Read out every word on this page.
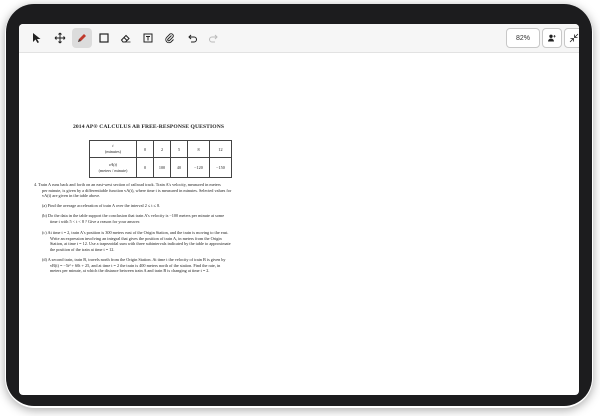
82%
2014 AP® CALCULUS AB FREE-RESPONSE QUESTIONS
t
(minutes)	0	2	5	8	12

vA(t)
(meters / minute)	0	100	40	−120	−150
4. Train A runs back and forth on an east-west section of railroad track. Train A's velocity, measured in meters
per minute, is given by a differentiable function vA(t), where time t is measured in minutes. Selected values for
vA(t) are given in the table above.
(a) Find the average acceleration of train A over the interval 2 ≤ t ≤ 8.
(b) Do the data in the table support the conclusion that train A's velocity is −100 meters per minute at some
time t with 5 < t < 8 ? Give a reason for your answer.
(c) At time t = 2, train A's position is 300 meters east of the Origin Station, and the train is moving to the east.
Write an expression involving an integral that gives the position of train A, in meters from the Origin
Station, at time t = 12. Use a trapezoidal sum with three subintervals indicated by the table to approximate
the position of the train at time t = 12.
(d) A second train, train B, travels north from the Origin Station. At time t the velocity of train B is given by
vB(t) = −5t² + 60t + 25, and at time t = 2 the train is 400 meters north of the station. Find the rate, in
meters per minute, at which the distance between train A and train B is changing at time t = 2.
